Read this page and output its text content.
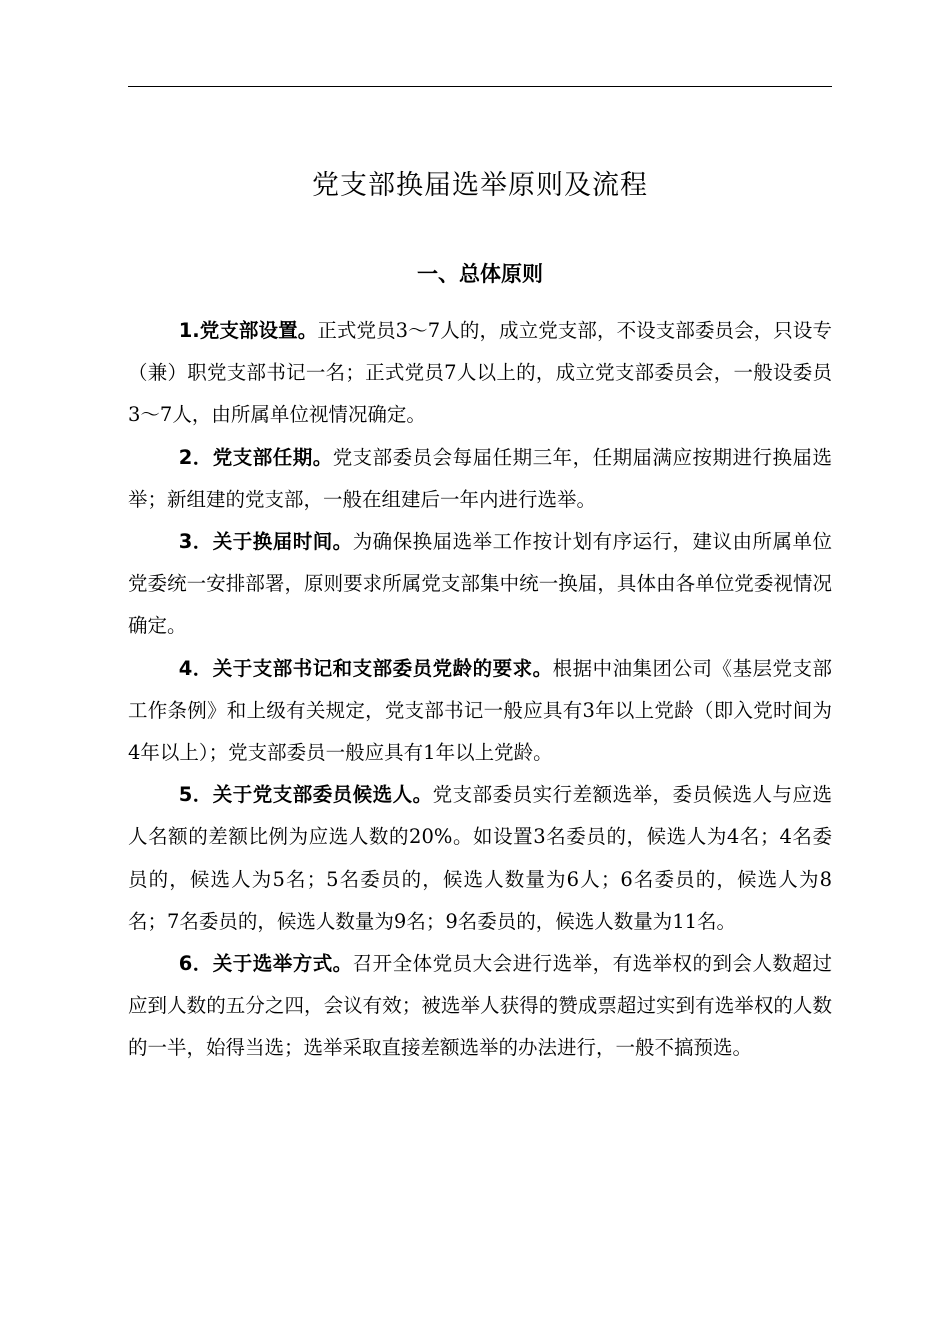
党支部换届选举原则及流程
一、总体原则

1.党支部设置。正式党员3～7人的，成立党支部，不设支部委员会，只设专（兼）职党支部书记一名；正式党员7人以上的，成立党支部委员会，一般设委员3～7人，由所属单位视情况确定。

2．党支部任期。党支部委员会每届任期三年，任期届满应按期进行换届选举；新组建的党支部，一般在组建后一年内进行选举。

3．关于换届时间。为确保换届选举工作按计划有序运行，建议由所属单位党委统一安排部署，原则要求所属党支部集中统一换届，具体由各单位党委视情况确定。

4．关于支部书记和支部委员党龄的要求。根据中油集团公司《基层党支部工作条例》和上级有关规定，党支部书记一般应具有3年以上党龄（即入党时间为4年以上）；党支部委员一般应具有1年以上党龄。

5．关于党支部委员候选人。党支部委员实行差额选举，委员候选人与应选人名额的差额比例为应选人数的20%。如设置3名委员的，候选人为4名；4名委员的，候选人为5名；5名委员的，候选人数量为6人；6名委员的，候选人为8名；7名委员的，候选人数量为9名；9名委员的，候选人数量为11名。

6．关于选举方式。召开全体党员大会进行选举，有选举权的到会人数超过应到人数的五分之四，会议有效；被选举人获得的赞成票超过实到有选举权的人数的一半，始得当选；选举采取直接差额选举的办法进行，一般不搞预选。
